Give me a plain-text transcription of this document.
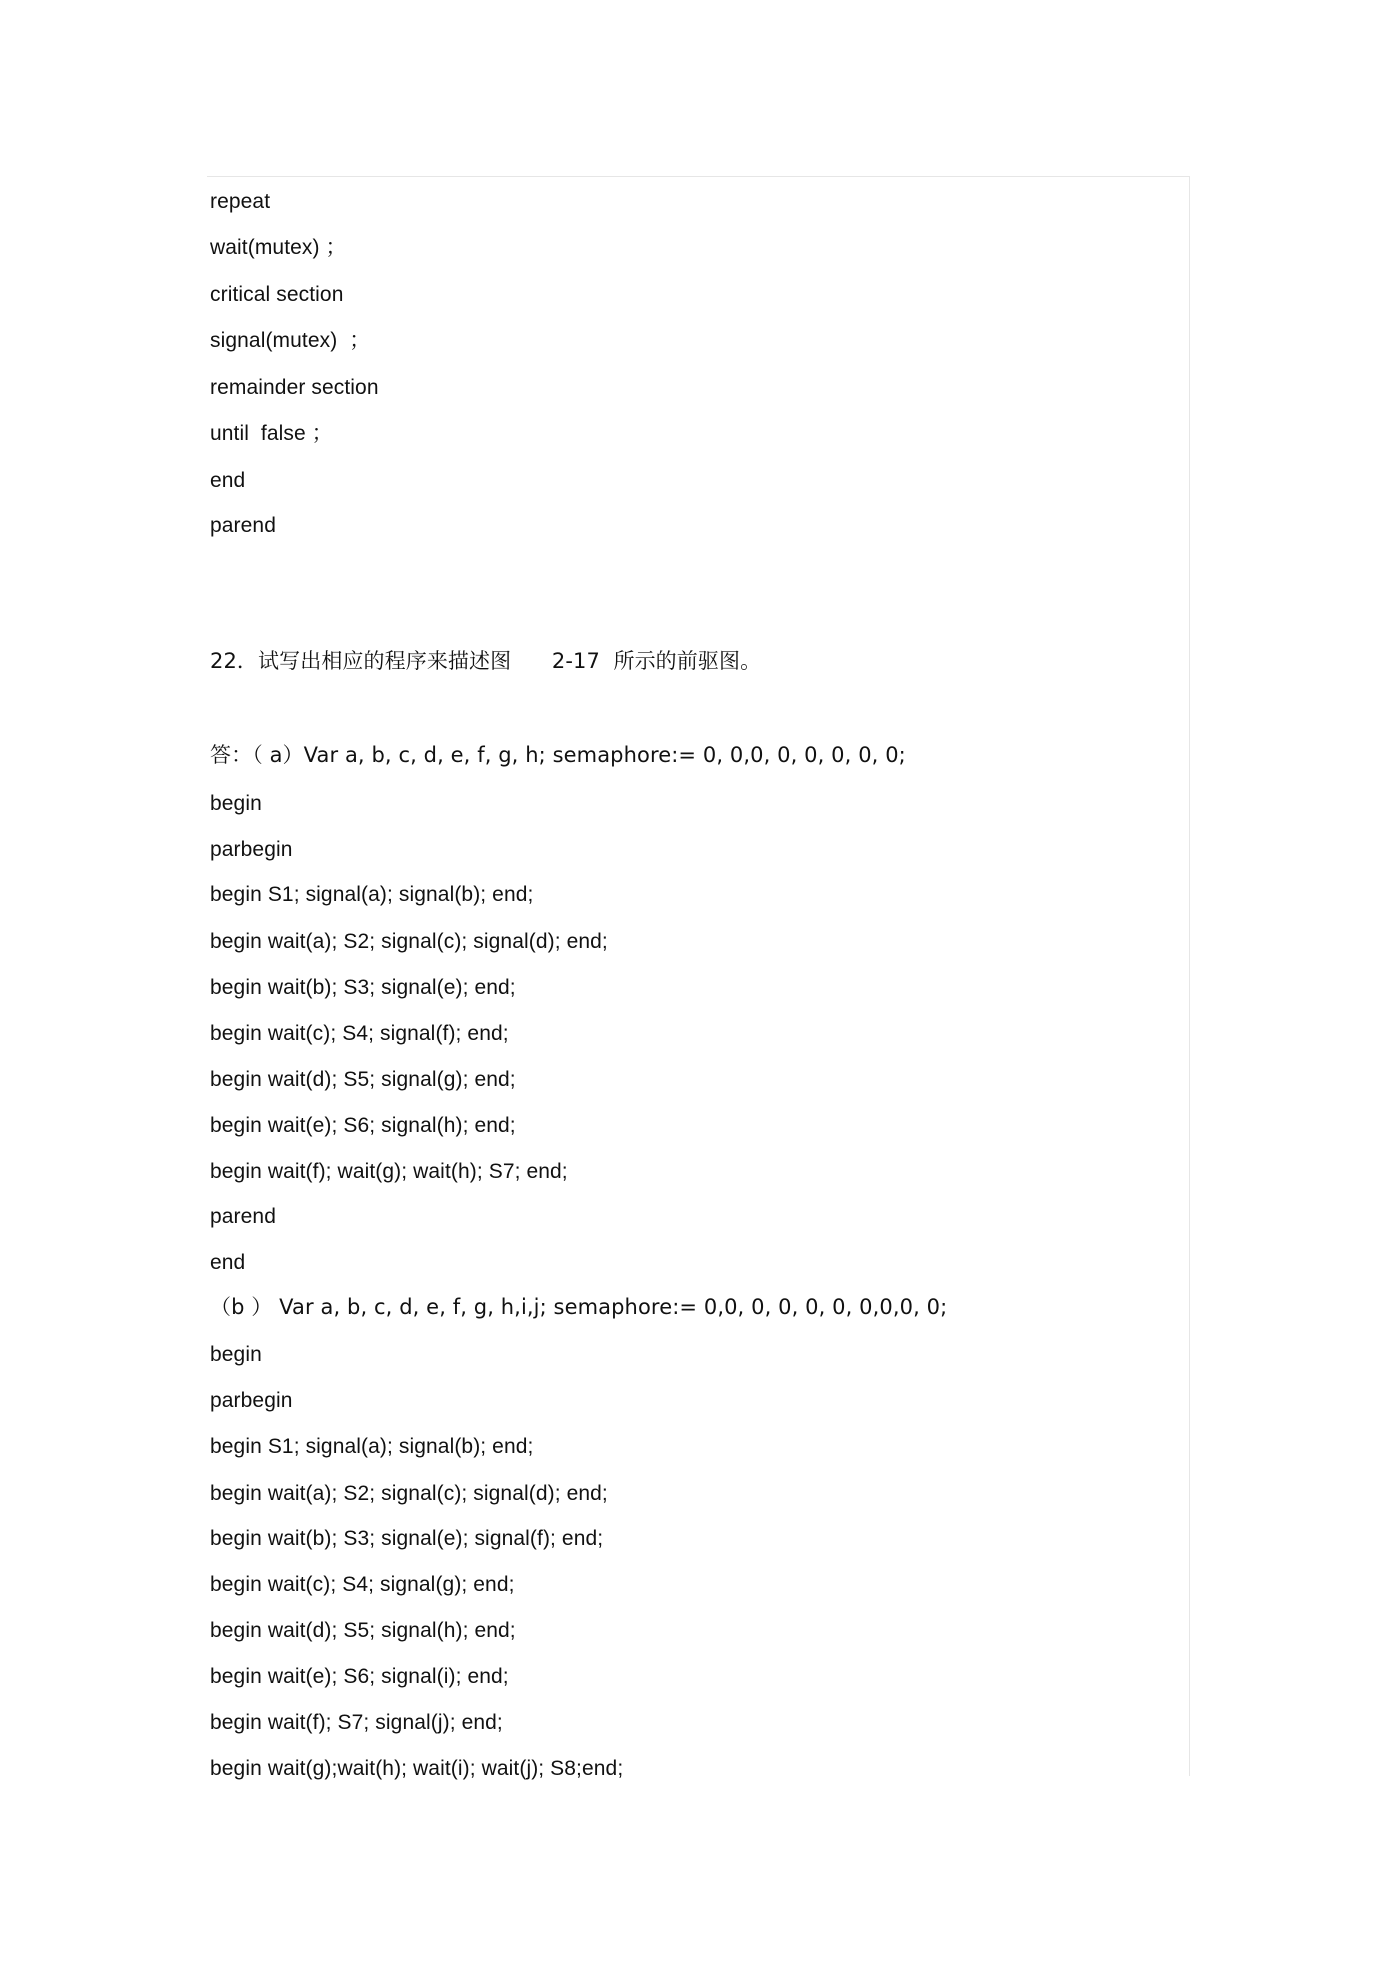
repeat
wait(mutex) ；
critical section
signal(mutex)  ；
remainder section
until  false ；
end
parend
22．试写出相应的程序来描述图      2-17  所示的前驱图。
答：（ a）Var a, b, c, d, e, f, g, h; semaphore:= 0, 0,0, 0, 0, 0, 0, 0;
begin
parbegin
begin S1; signal(a); signal(b); end;
begin wait(a); S2; signal(c); signal(d); end;
begin wait(b); S3; signal(e); end;
begin wait(c); S4; signal(f); end;
begin wait(d); S5; signal(g); end;
begin wait(e); S6; signal(h); end;
begin wait(f); wait(g); wait(h); S7; end;
parend
end
（b ） Var a, b, c, d, e, f, g, h,i,j; semaphore:= 0,0, 0, 0, 0, 0, 0,0,0, 0;
begin
parbegin
begin S1; signal(a); signal(b); end;
begin wait(a); S2; signal(c); signal(d); end;
begin wait(b); S3; signal(e); signal(f); end;
begin wait(c); S4; signal(g); end;
begin wait(d); S5; signal(h); end;
begin wait(e); S6; signal(i); end;
begin wait(f); S7; signal(j); end;
begin wait(g);wait(h); wait(i); wait(j); S8;end;
